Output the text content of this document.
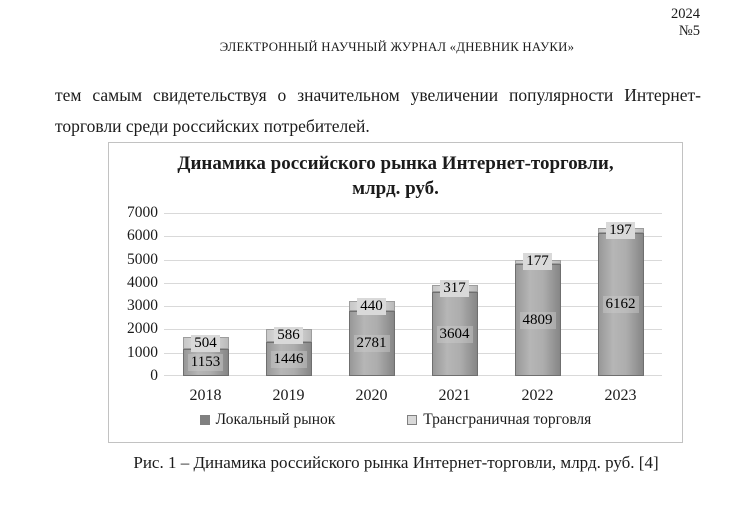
2024
№5
ЭЛЕКТРОННЫЙ НАУЧНЫЙ ЖУРНАЛ «ДНЕВНИК НАУКИ»
тем самым свидетельствуя о значительном увеличении популярности Интернет-
торговли среди российских потребителей.
Динамика российского рынка Интернет-торговли,
млрд. руб.
0
1000
2000
3000
4000
5000
6000
7000
1153
504
2018
1446
586
2019
2781
440
2020
3604
317
2021
4809
177
2022
6162
197
2023
Локальный рынок	Трансграничная торговля
Рис. 1 – Динамика российского рынка Интернет-торговли, млрд. руб. [4]
